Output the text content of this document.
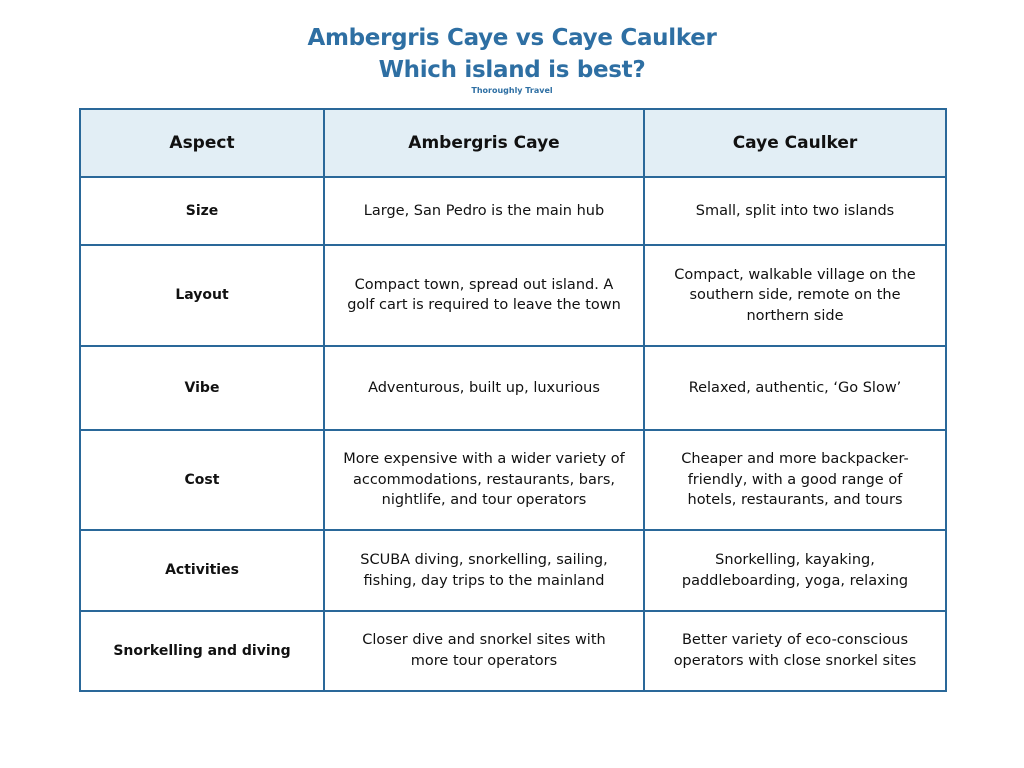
Ambergris Caye vs Caye Caulker
Which island is best?
Thoroughly Travel
Aspect	Ambergris Caye	Caye Caulker
Size	Large, San Pedro is the main hub	Small, split into two islands
Layout	Compact town, spread out island. A golf cart is required to leave the town	Compact, walkable village on the southern side, remote on the northern side
Vibe	Adventurous, built up, luxurious	Relaxed, authentic, ‘Go Slow’
Cost	More expensive with a wider variety of accommodations, restaurants, bars, nightlife, and tour operators	Cheaper and more backpacker-friendly, with a good range of hotels, restaurants, and tours
Activities	SCUBA diving, snorkelling, sailing, fishing, day trips to the mainland	Snorkelling, kayaking, paddleboarding, yoga, relaxing
Snorkelling and diving	Closer dive and snorkel sites with more tour operators	Better variety of eco-conscious operators with close snorkel sites
